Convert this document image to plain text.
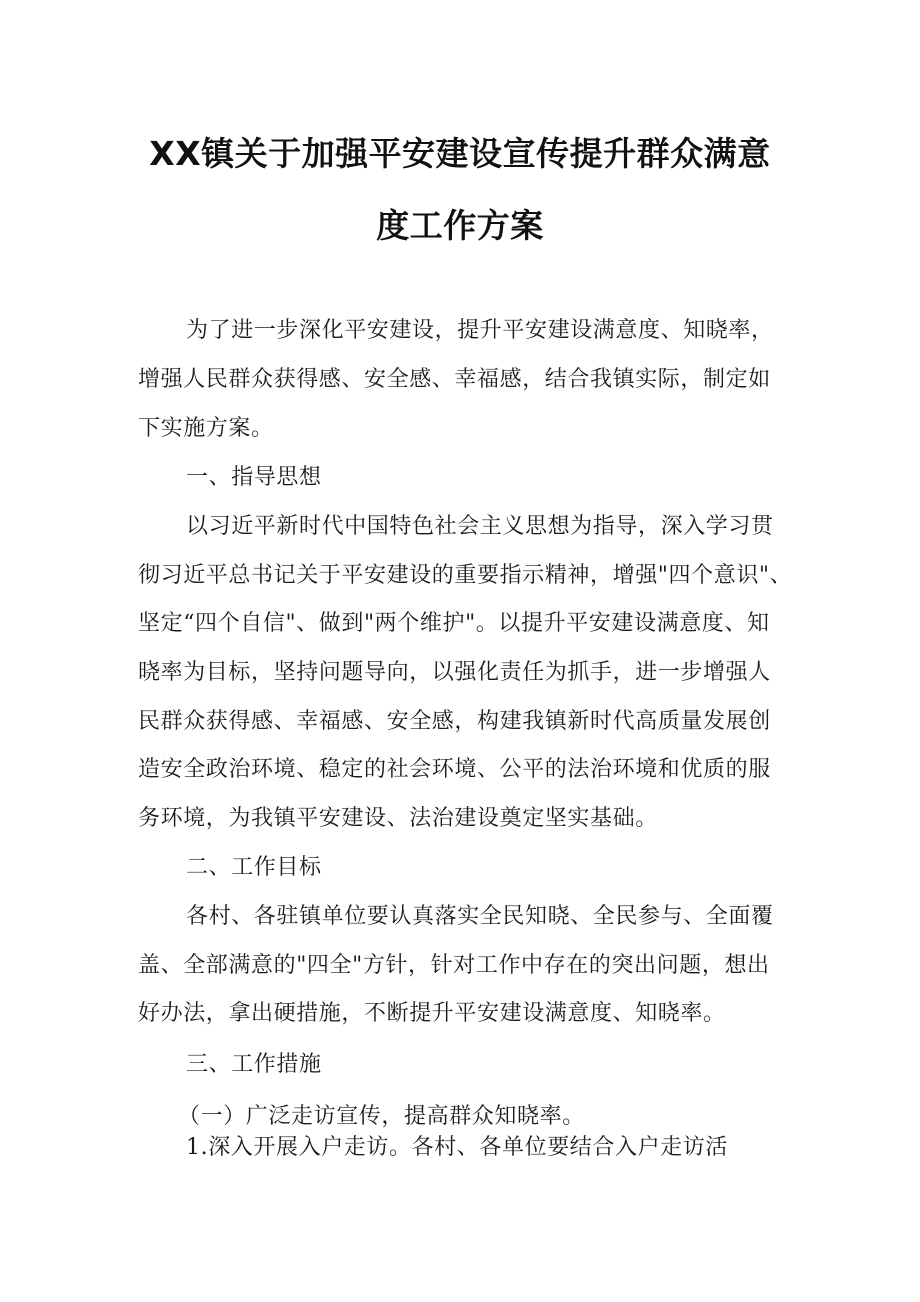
XX镇关于加强平安建设宣传提升群众满意
度工作方案
为了进一步深化平安建设，提升平安建设满意度、知晓率，
增强人民群众获得感、安全感、幸福感，结合我镇实际，制定如
下实施方案。
一、指导思想
以习近平新时代中国特色社会主义思想为指导，深入学习贯
彻习近平总书记关于平安建设的重要指示精神，增强"四个意识"、
坚定“四个自信"、做到"两个维护"。以提升平安建设满意度、知
晓率为目标，坚持问题导向，以强化责任为抓手，进一步增强人
民群众获得感、幸福感、安全感，构建我镇新时代高质量发展创
造安全政治环境、稳定的社会环境、公平的法治环境和优质的服
务环境，为我镇平安建设、法治建设奠定坚实基础。
二、工作目标
各村、各驻镇单位要认真落实全民知晓、全民参与、全面覆
盖、全部满意的"四全"方针，针对工作中存在的突出问题，想出
好办法，拿出硬措施，不断提升平安建设满意度、知晓率。
三、工作措施
（一）广泛走访宣传，提高群众知晓率。
1.深入开展入户走访。各村、各单位要结合入户走访活
